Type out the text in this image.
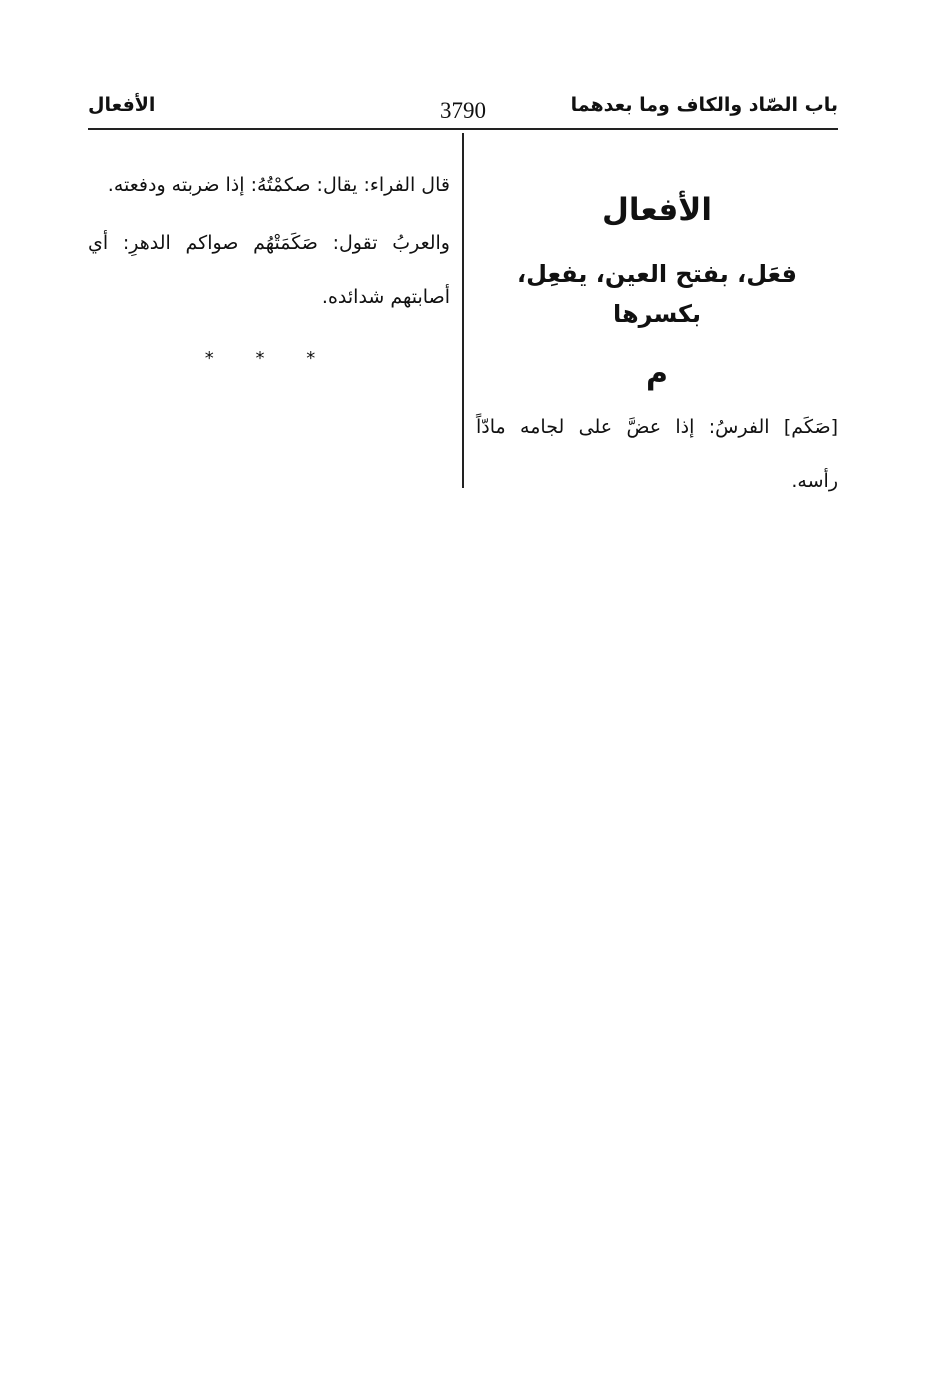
باب الصّاد والكاف وما بعدهما
3790
الأفعال
الأفعال
فعَل، بفتح العين، يفعِل، بكسرها
م
[صَكَم] الفرسُ: إذا عضَّ على لجامه مادّاً رأسه.
قال الفراء: يقال: صكمْتُهُ: إذا ضربته ودفعته.
والعربُ تقول: صَكَمَتْهُم صواكم الدهرِ: أي أصابتهم شدائده.
* * *
